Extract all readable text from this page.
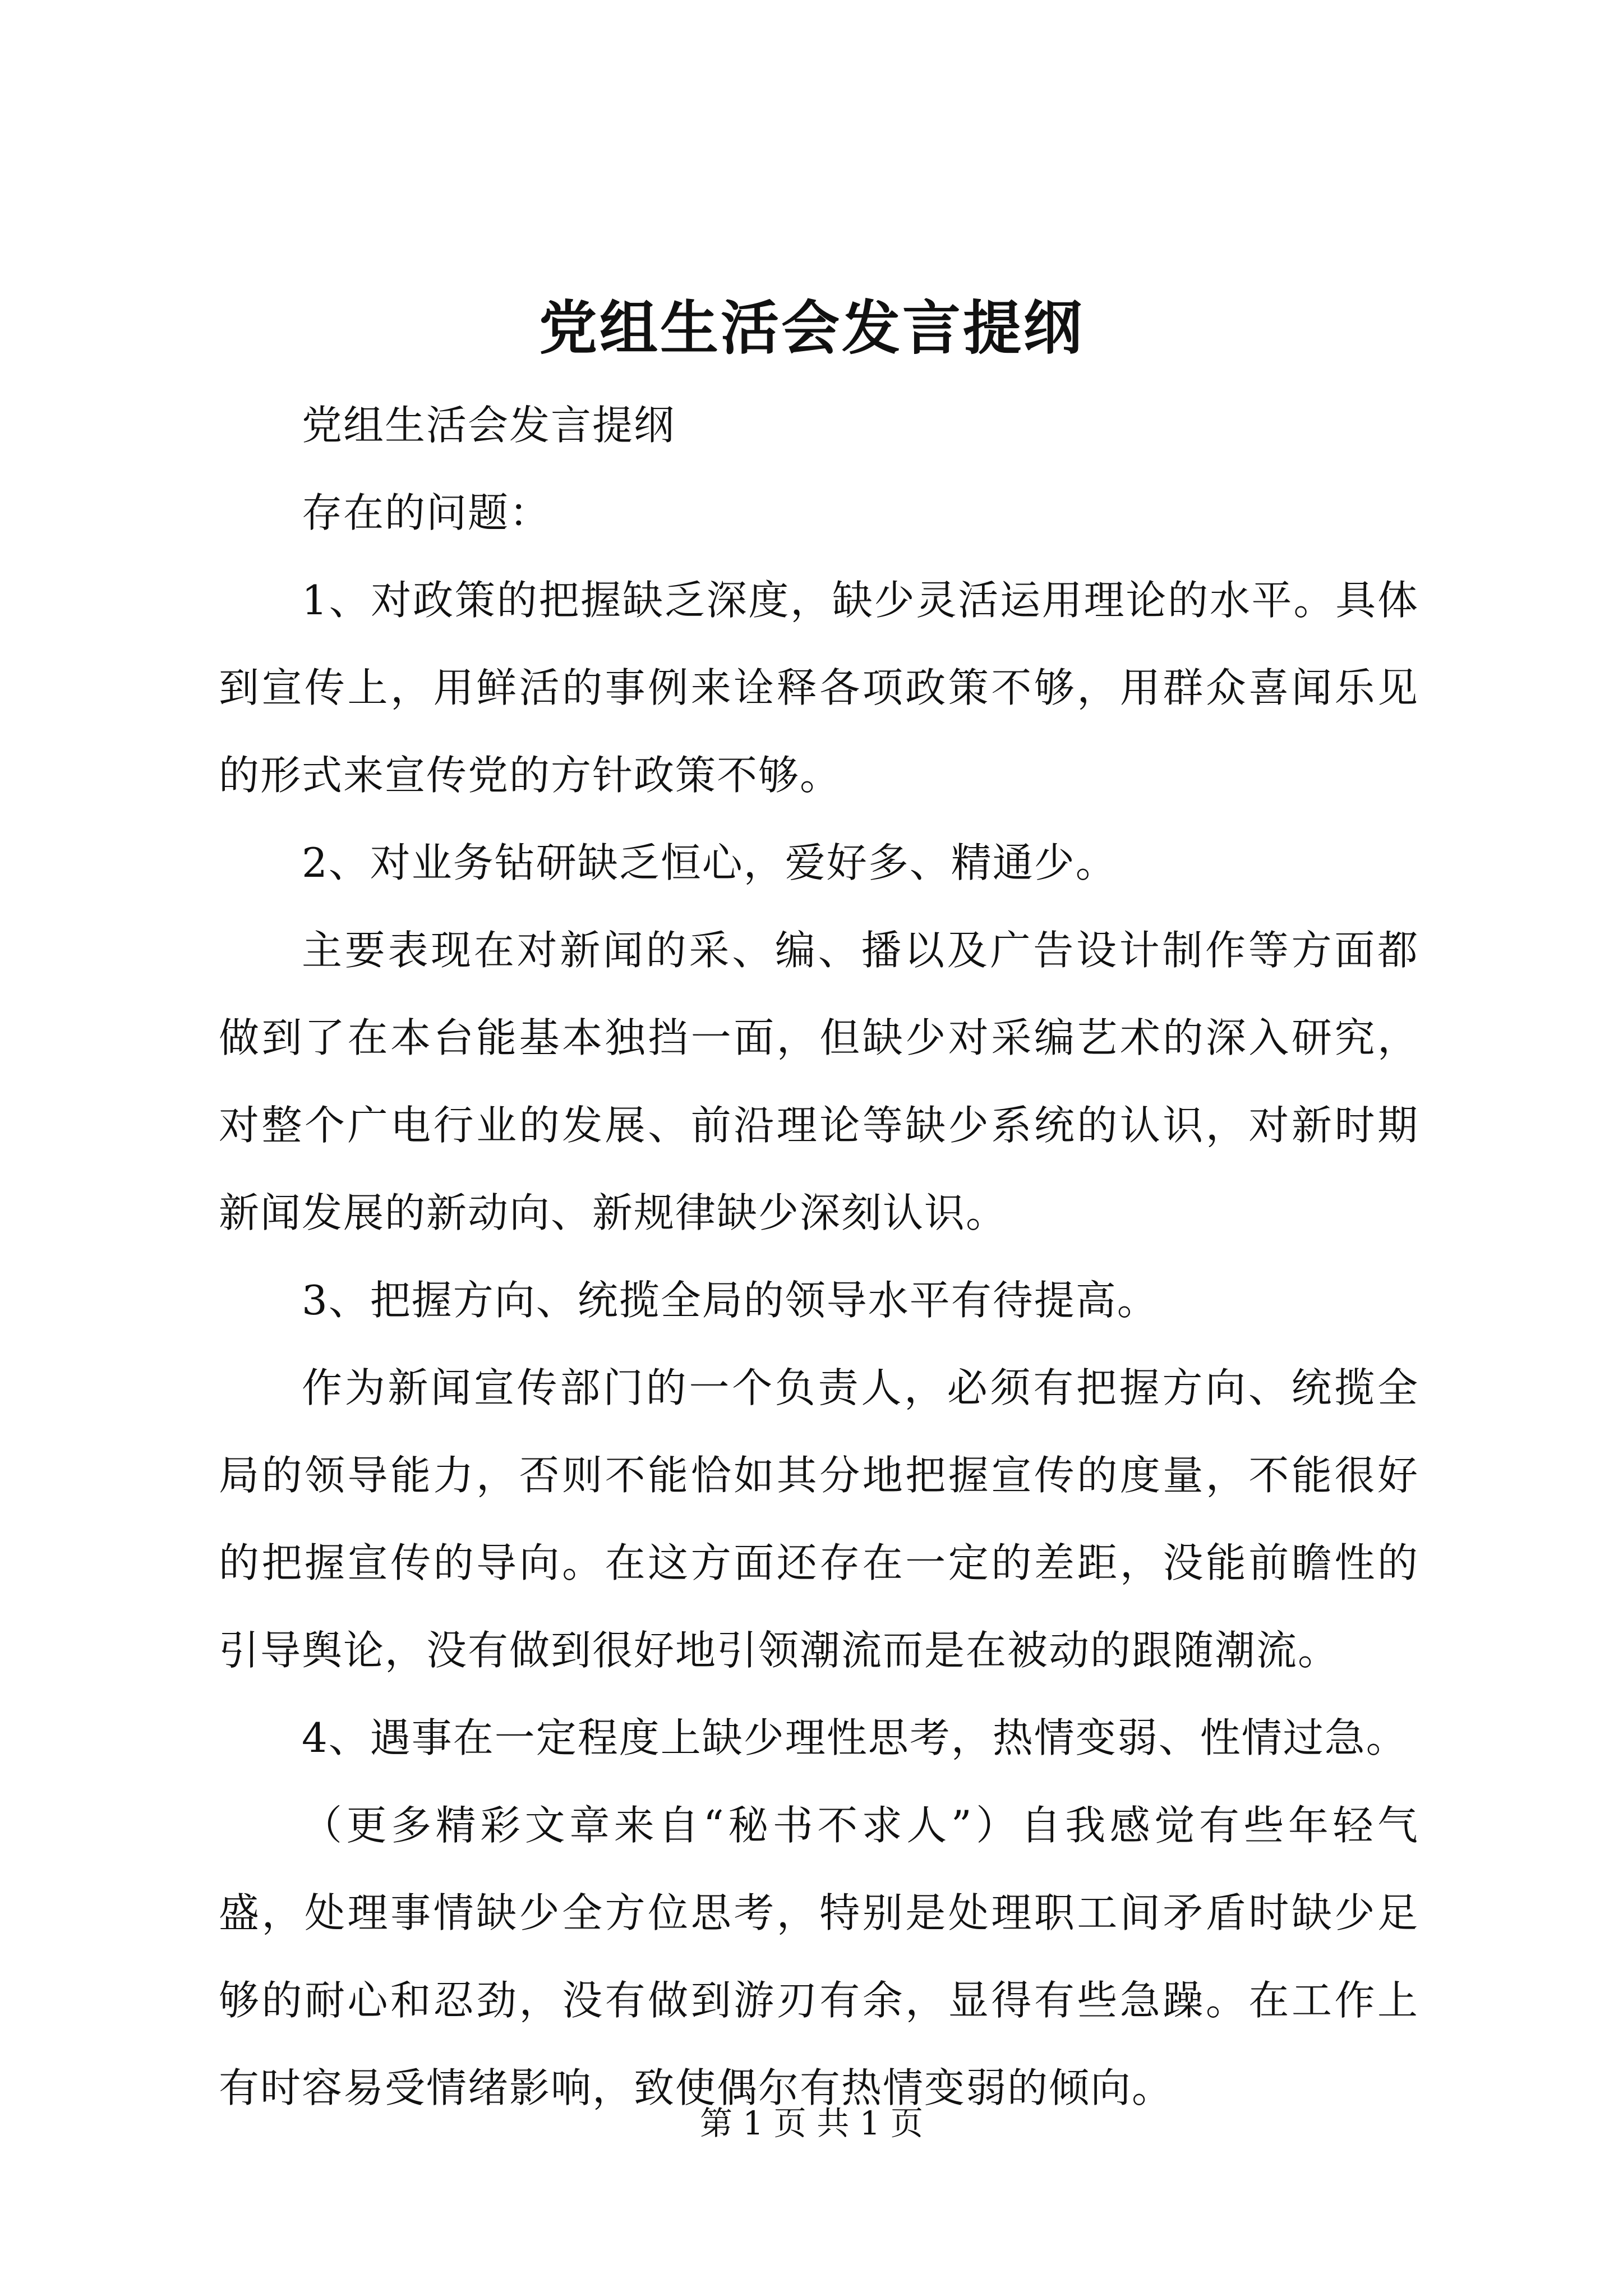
党组生活会发言提纲

党组生活会发言提纲

存在的问题：

1、对政策的把握缺乏深度，缺少灵活运用理论的水平。具体到宣传上，用鲜活的事例来诠释各项政策不够，用群众喜闻乐见的形式来宣传党的方针政策不够。

2、对业务钻研缺乏恒心，爱好多、精通少。

主要表现在对新闻的采、编、播以及广告设计制作等方面都做到了在本台能基本独挡一面，但缺少对采编艺术的深入研究，对整个广电行业的发展、前沿理论等缺少系统的认识，对新时期新闻发展的新动向、新规律缺少深刻认识。

3、把握方向、统揽全局的领导水平有待提高。

作为新闻宣传部门的一个负责人，必须有把握方向、统揽全局的领导能力，否则不能恰如其分地把握宣传的度量，不能很好的把握宣传的导向。在这方面还存在一定的差距，没能前瞻性的引导舆论，没有做到很好地引领潮流而是在被动的跟随潮流。

4、遇事在一定程度上缺少理性思考，热情变弱、性情过急。

（更多精彩文章来自“秘书不求人”）自我感觉有些年轻气盛，处理事情缺少全方位思考，特别是处理职工间矛盾时缺少足够的耐心和忍劲，没有做到游刃有余，显得有些急躁。在工作上有时容易受情绪影响，致使偶尔有热情变弱的倾向。

第 1 页 共 1 页
